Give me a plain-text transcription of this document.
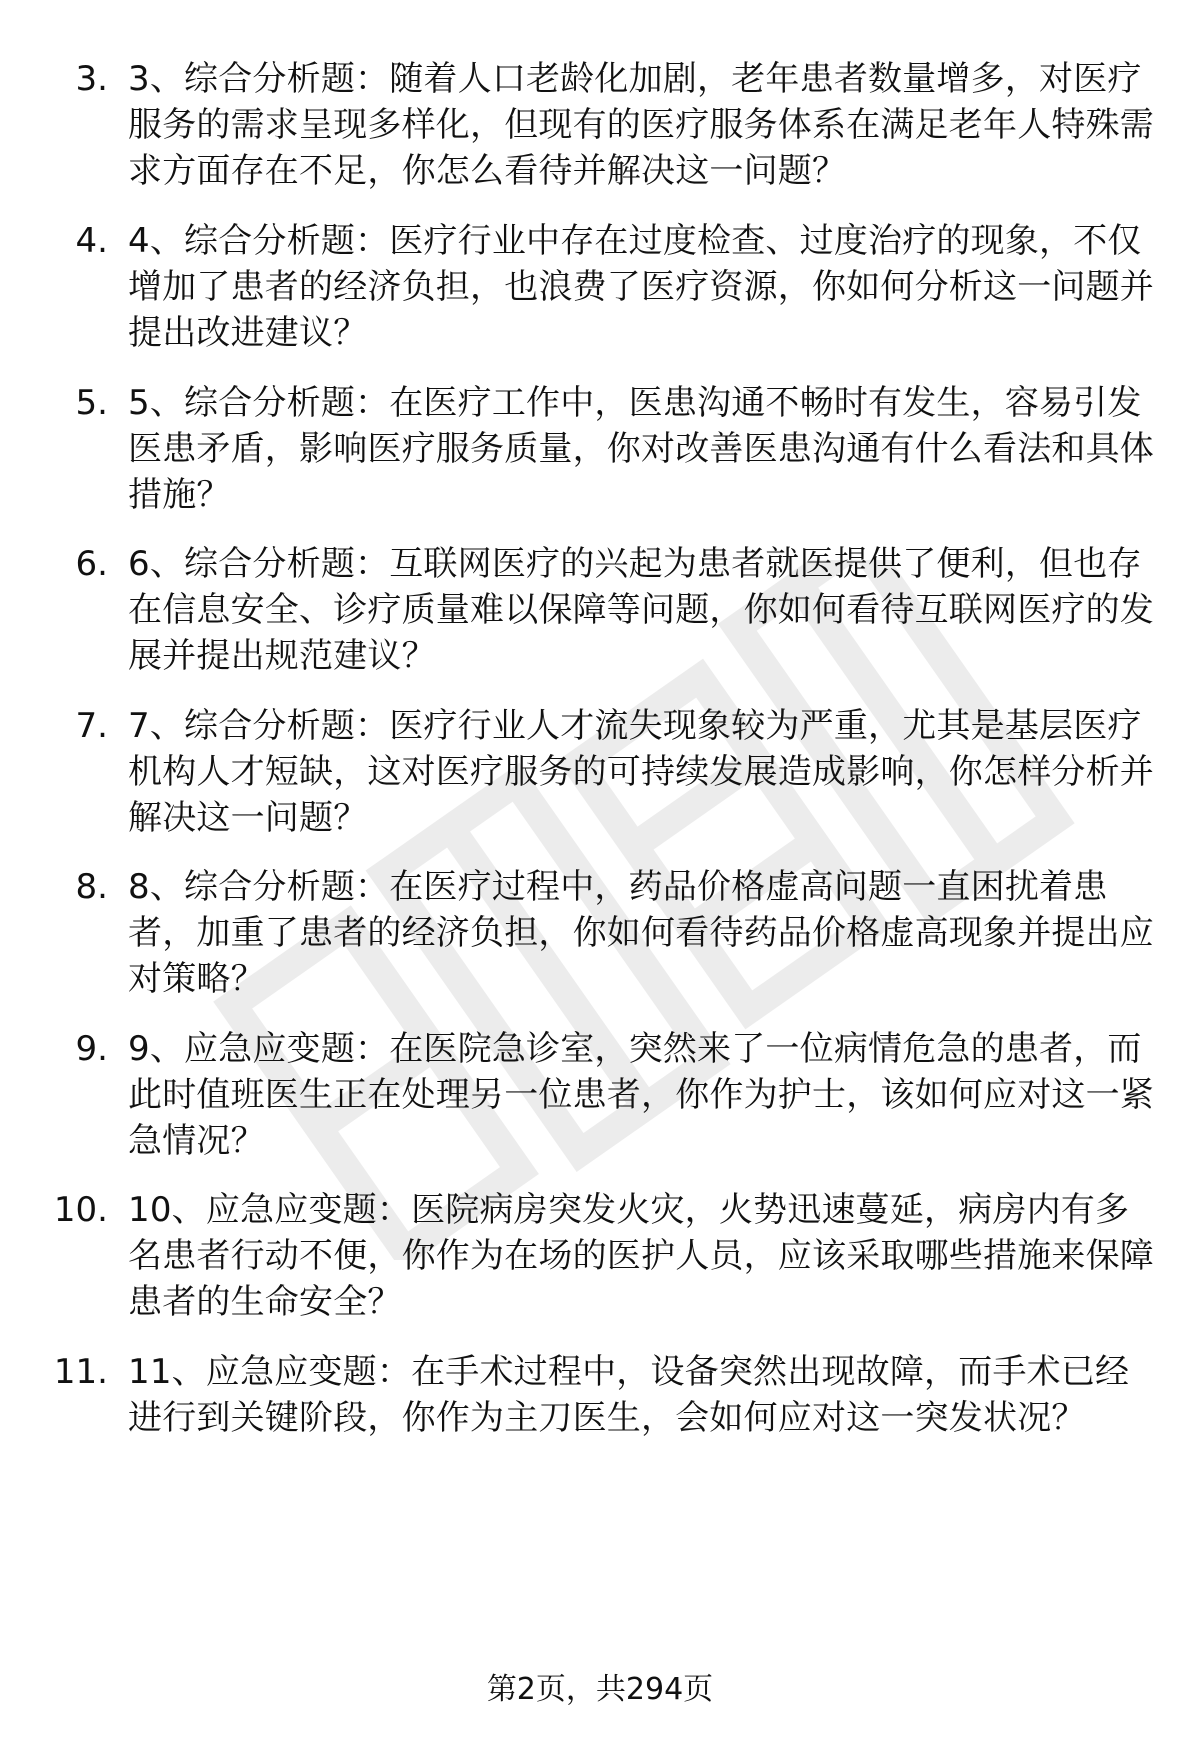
3. 3、综合分析题：随着人口老龄化加剧，老年患者数量增多，对医疗服务的需求呈现多样化，但现有的医疗服务体系在满足老年人特殊需求方面存在不足，你怎么看待并解决这一问题？
4. 4、综合分析题：医疗行业中存在过度检查、过度治疗的现象，不仅增加了患者的经济负担，也浪费了医疗资源，你如何分析这一问题并提出改进建议？
5. 5、综合分析题：在医疗工作中，医患沟通不畅时有发生，容易引发医患矛盾，影响医疗服务质量，你对改善医患沟通有什么看法和具体措施？
6. 6、综合分析题：互联网医疗的兴起为患者就医提供了便利，但也存在信息安全、诊疗质量难以保障等问题，你如何看待互联网医疗的发展并提出规范建议？
7. 7、综合分析题：医疗行业人才流失现象较为严重，尤其是基层医疗机构人才短缺，这对医疗服务的可持续发展造成影响，你怎样分析并解决这一问题？
8. 8、综合分析题：在医疗过程中，药品价格虚高问题一直困扰着患者，加重了患者的经济负担，你如何看待药品价格虚高现象并提出应对策略？
9. 9、应急应变题：在医院急诊室，突然来了一位病情危急的患者，而此时值班医生正在处理另一位患者，你作为护士，该如何应对这一紧急情况？
10. 10、应急应变题：医院病房突发火灾，火势迅速蔓延，病房内有多名患者行动不便，你作为在场的医护人员，应该采取哪些措施来保障患者的生命安全？
11. 11、应急应变题：在手术过程中，设备突然出现故障，而手术已经进行到关键阶段，你作为主刀医生，会如何应对这一突发状况？
第2页，共294页
